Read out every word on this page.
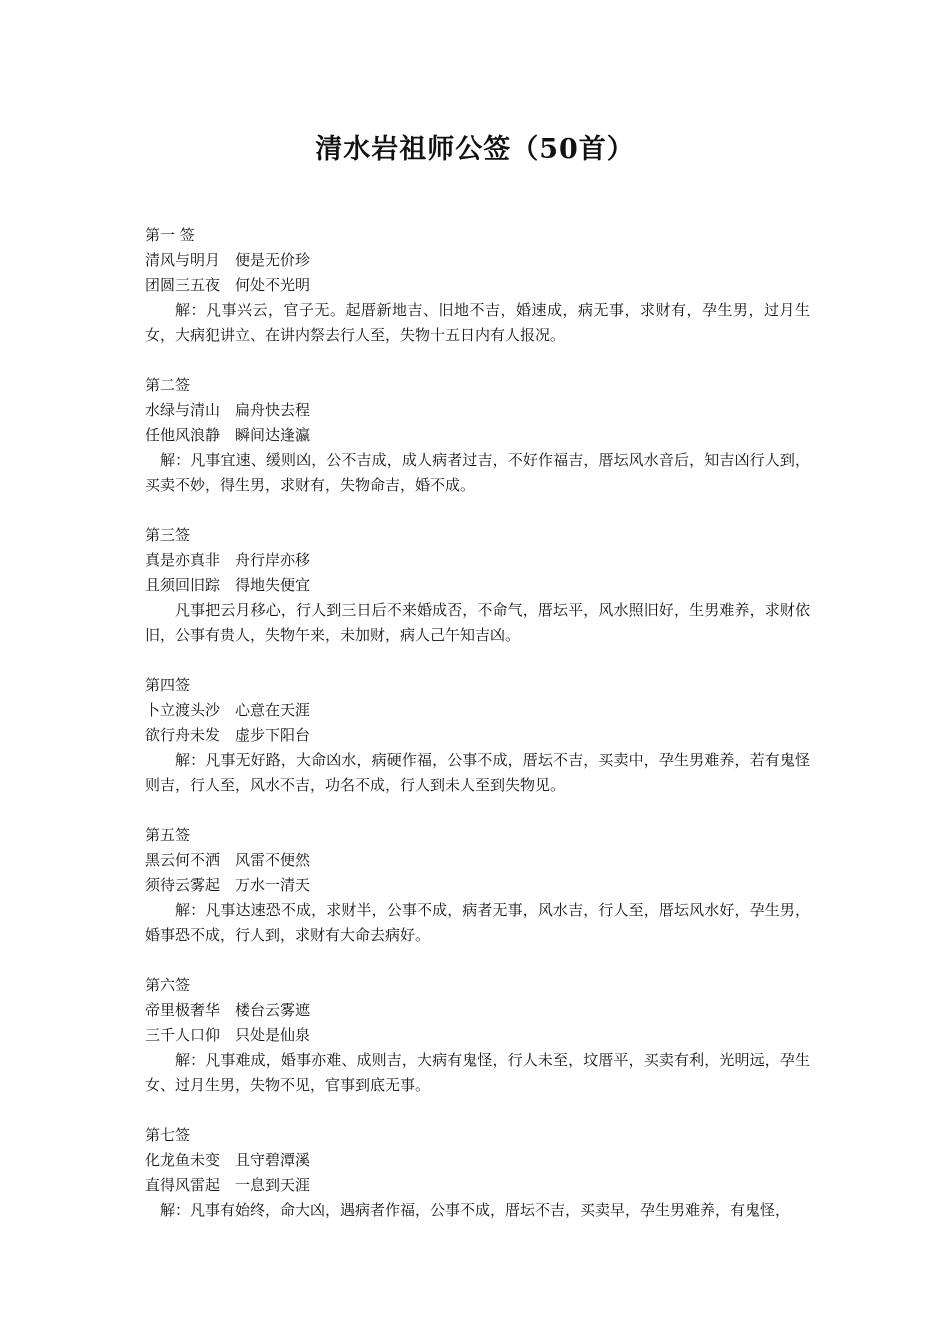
清水岩祖师公签（50首）
第一 签
清风与明月　便是无价珍
团圆三五夜　何处不光明
解：凡事兴云，官子无。起厝新地吉、旧地不吉，婚速成，病无事，求财有，孕生男，过月生女，大病犯讲立、在讲内祭去行人至，失物十五日内有人报况。
第二签
水绿与清山　扁舟快去程
任他风浪静　瞬间达逢瀛
解：凡事宜速、缓则凶，公不吉成，成人病者过吉，不好作福吉，厝坛风水音后，知吉凶行人到，买卖不妙，得生男，求财有，失物命吉，婚不成。
第三签
真是亦真非　舟行岸亦移
且须回旧踪　得地失便宜
凡事把云月移心，行人到三日后不来婚成否，不命气，厝坛平，风水照旧好，生男难养，求财依旧，公事有贵人，失物午来，未加财，病人己午知吉凶。
第四签
卜立渡头沙　心意在天涯
欲行舟未发　虚步下阳台
解：凡事无好路，大命凶水，病硬作福，公事不成，厝坛不吉，买卖中，孕生男难养，若有鬼怪则吉，行人至，风水不吉，功名不成，行人到未人至到失物见。
第五签
黑云何不洒　风雷不便然
须待云雾起　万水一清天
解：凡事达速恐不成，求财半，公事不成，病者无事，风水吉，行人至，厝坛风水好，孕生男，婚事恐不成，行人到，求财有大命去病好。
第六签
帝里极奢华　楼台云雾遮
三千人口仰　只处是仙泉
解：凡事难成，婚事亦难、成则吉，大病有鬼怪，行人未至，坟厝平，买卖有利，光明远，孕生女、过月生男，失物不见，官事到底无事。
第七签
化龙鱼未变　且守碧潭溪
直得风雷起　一息到天涯
解：凡事有始终，命大凶，遇病者作福，公事不成，厝坛不吉，买卖早，孕生男难养，有鬼怪，
